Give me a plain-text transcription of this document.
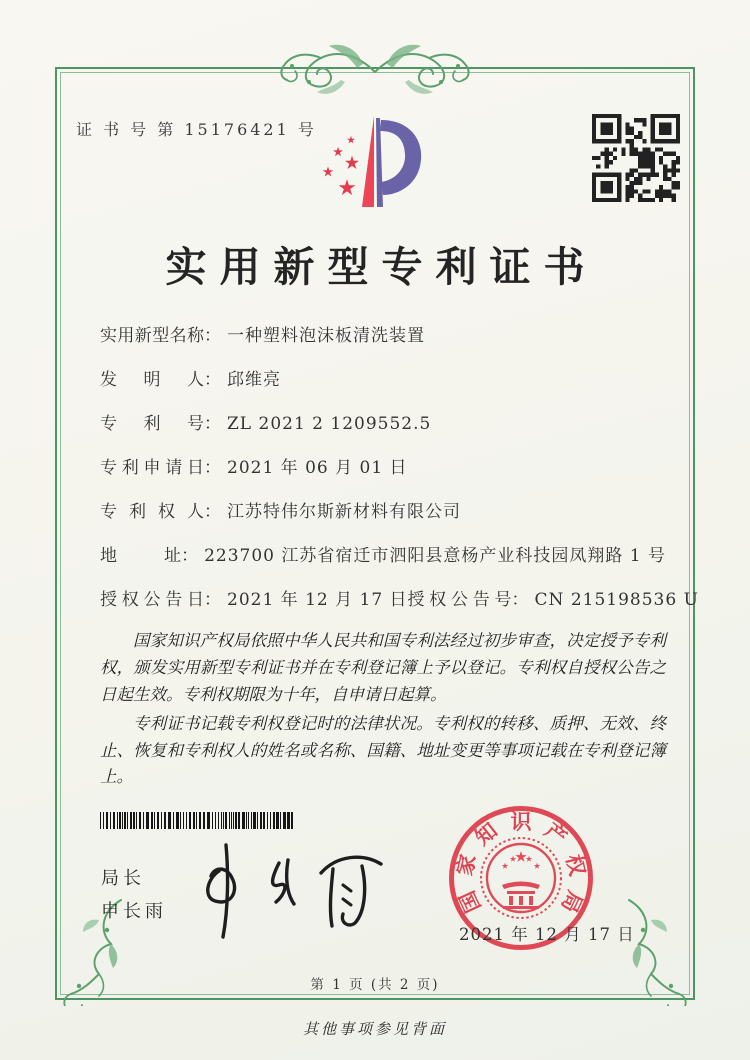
证 书 号 第 15176421 号
实用新型专利证书
实用新型名称 ： 一种塑料泡沫板清洗装置
发明人 ： 邱维亮
专利号 ： ZL 2021 2 1209552.5
专利申请日 ： 2021 年 06 月 01 日
专利权人 ： 江苏特伟尔斯新材料有限公司
地址 ： 223700 江苏省宿迁市泗阳县意杨产业科技园凤翔路 1 号
授权公告日 ： 2021 年 12 月 17 日 授权公告号 ： CN 215198536 U

国家知识产权局依照中华人民共和国专利法经过初步审查，决定授予专利权，颁发实用新型专利证书并在专利登记簿上予以登记。专利权自授权公告之日起生效。专利权期限为十年，自申请日起算。

专利证书记载专利权登记时的法律状况。专利权的转移、质押、无效、终止、恢复和专利权人的姓名或名称、国籍、地址变更等事项记载在专利登记簿上。

局长
申长雨	国
家
知 识 产
权
局
2021 年 12 月 17 日
第 1 页 (共 2 页)
其他事项参见背面
